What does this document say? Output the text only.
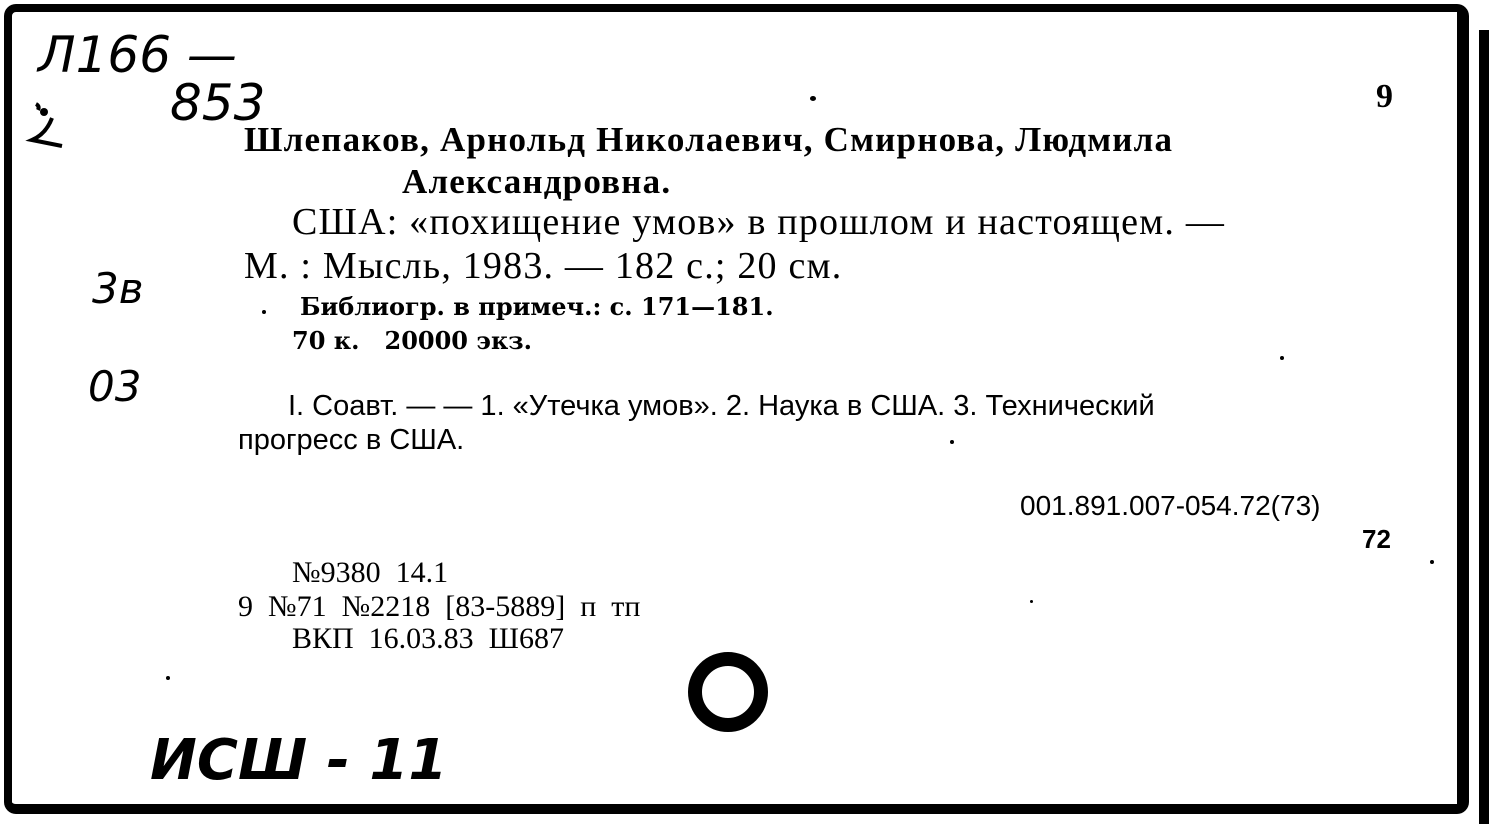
Л166 —
853
3в
03
ИСШ - 11
9
Шлепаков, Арнольд Николаевич, Смирнова, Людмила
Александровна.
США: «похищение умов» в прошлом и настоящем. —
М. : Мысль, 1983. — 182 с.; 20 см.
Библиогр. в примеч.: с. 171—181.
70 к.   20000 экз.
I. Соавт. — — 1. «Утечка умов». 2. Наука в США. 3. Технический
прогресс в США.
001.891.007-054.72(73)
72
№9380  14.1
9  №71  №2218  [83-5889]  п  тп
ВКП  16.03.83  Ш687
